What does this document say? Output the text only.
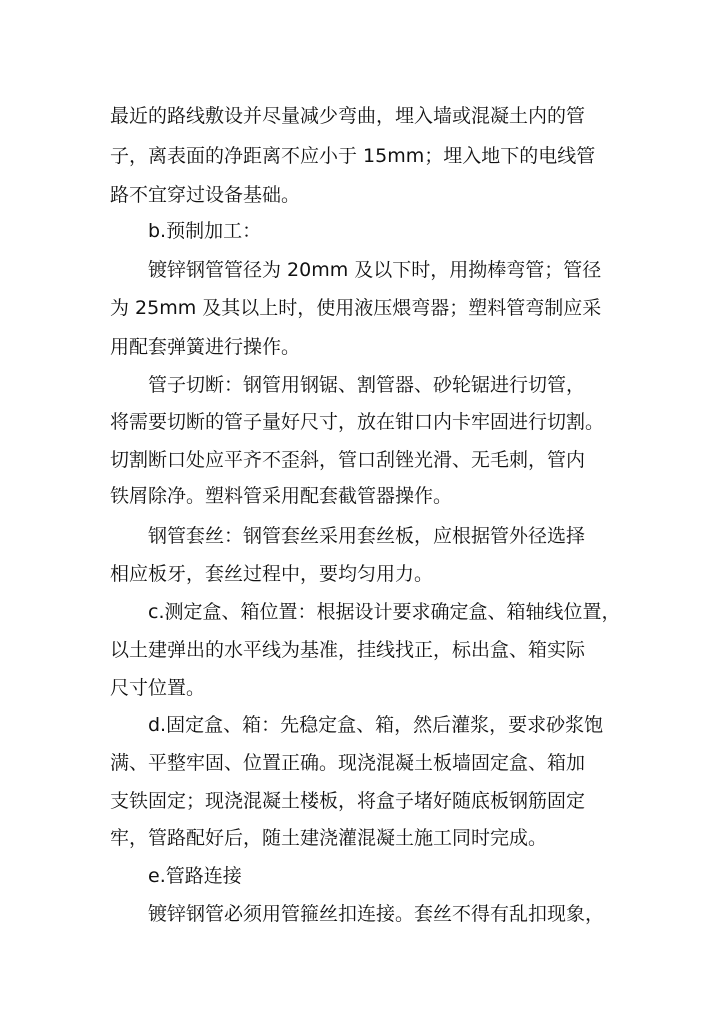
最近的路线敷设并尽量减少弯曲，埋入墙或混凝土内的管
子，离表面的净距离不应小于 15mm；埋入地下的电线管
路不宜穿过设备基础。
b.预制加工：
镀锌钢管管径为 20mm 及以下时，用拗棒弯管；管径
为 25mm 及其以上时，使用液压煨弯器；塑料管弯制应采
用配套弹簧进行操作。
管子切断：钢管用钢锯、割管器、砂轮锯进行切管，
将需要切断的管子量好尺寸，放在钳口内卡牢固进行切割。
切割断口处应平齐不歪斜，管口刮锉光滑、无毛刺，管内
铁屑除净。塑料管采用配套截管器操作。
钢管套丝：钢管套丝采用套丝板，应根据管外径选择
相应板牙，套丝过程中，要均匀用力。
c.测定盒、箱位置：根据设计要求确定盒、箱轴线位置，
以土建弹出的水平线为基准，挂线找正，标出盒、箱实际
尺寸位置。
d.固定盒、箱：先稳定盒、箱，然后灌浆，要求砂浆饱
满、平整牢固、位置正确。现浇混凝土板墙固定盒、箱加
支铁固定；现浇混凝土楼板，将盒子堵好随底板钢筋固定
牢，管路配好后，随土建浇灌混凝土施工同时完成。
e.管路连接
镀锌钢管必须用管箍丝扣连接。套丝不得有乱扣现象，
